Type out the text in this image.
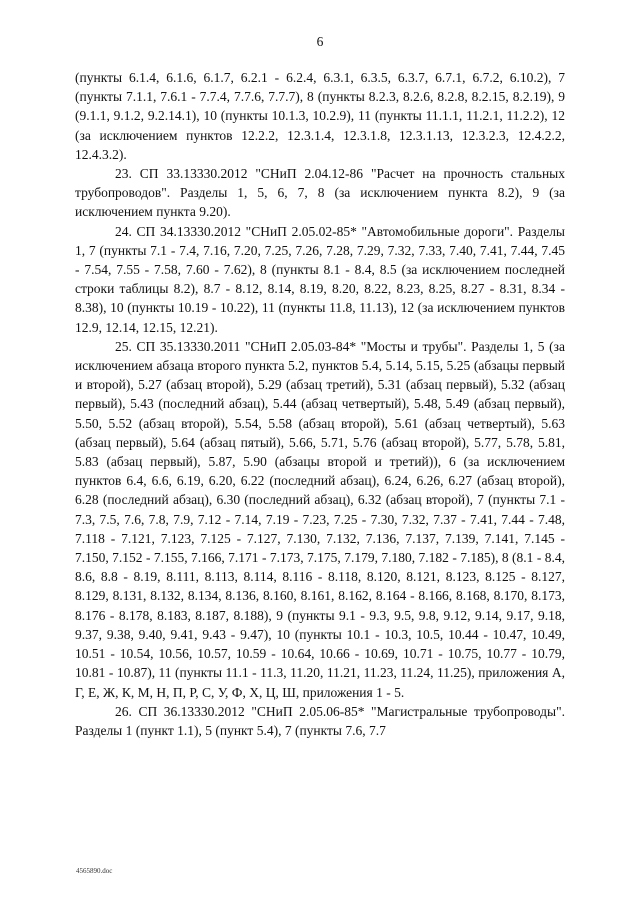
6

(пункты 6.1.4, 6.1.6, 6.1.7, 6.2.1 - 6.2.4, 6.3.1, 6.3.5, 6.3.7, 6.7.1, 6.7.2, 6.10.2), 7 (пункты 7.1.1, 7.6.1 - 7.7.4, 7.7.6, 7.7.7), 8 (пункты 8.2.3, 8.2.6, 8.2.8, 8.2.15, 8.2.19), 9 (9.1.1, 9.1.2, 9.2.14.1), 10 (пункты 10.1.3, 10.2.9), 11 (пункты 11.1.1, 11.2.1, 11.2.2), 12 (за исключением пунктов 12.2.2, 12.3.1.4, 12.3.1.8, 12.3.1.13, 12.3.2.3, 12.4.2.2, 12.4.3.2).

23. СП 33.13330.2012 "СНиП 2.04.12-86 "Расчет на прочность стальных трубопроводов". Разделы 1, 5, 6, 7, 8 (за исключением пункта 8.2), 9 (за исключением пункта 9.20).

24. СП 34.13330.2012 "СНиП 2.05.02-85* "Автомобильные дороги". Разделы 1, 7 (пункты 7.1 - 7.4, 7.16, 7.20, 7.25, 7.26, 7.28, 7.29, 7.32, 7.33, 7.40, 7.41, 7.44, 7.45 - 7.54, 7.55 - 7.58, 7.60 - 7.62), 8 (пункты 8.1 - 8.4, 8.5 (за исключением последней строки таблицы 8.2), 8.7 - 8.12, 8.14, 8.19, 8.20, 8.22, 8.23, 8.25, 8.27 - 8.31, 8.34 - 8.38), 10 (пункты 10.19 - 10.22), 11 (пункты 11.8, 11.13), 12 (за исключением пунктов 12.9, 12.14, 12.15, 12.21).

25. СП 35.13330.2011 "СНиП 2.05.03-84* "Мосты и трубы". Разделы 1, 5 (за исключением абзаца второго пункта 5.2, пунктов 5.4, 5.14, 5.15, 5.25 (абзацы первый и второй), 5.27 (абзац второй), 5.29 (абзац третий), 5.31 (абзац первый), 5.32 (абзац первый), 5.43 (последний абзац), 5.44 (абзац четвертый), 5.48, 5.49 (абзац первый), 5.50, 5.52 (абзац второй), 5.54, 5.58 (абзац второй), 5.61 (абзац четвертый), 5.63 (абзац первый), 5.64 (абзац пятый), 5.66, 5.71, 5.76 (абзац второй), 5.77, 5.78, 5.81, 5.83 (абзац первый), 5.87, 5.90 (абзацы второй и третий)), 6 (за исключением пунктов 6.4, 6.6, 6.19, 6.20, 6.22 (последний абзац), 6.24, 6.26, 6.27 (абзац второй), 6.28 (последний абзац), 6.30 (последний абзац), 6.32 (абзац второй), 7 (пункты 7.1 - 7.3, 7.5, 7.6, 7.8, 7.9, 7.12 - 7.14, 7.19 - 7.23, 7.25 - 7.30, 7.32, 7.37 - 7.41, 7.44 - 7.48, 7.118 - 7.121, 7.123, 7.125 - 7.127, 7.130, 7.132, 7.136, 7.137, 7.139, 7.141, 7.145 - 7.150, 7.152 - 7.155, 7.166, 7.171 - 7.173, 7.175, 7.179, 7.180, 7.182 - 7.185), 8 (8.1 - 8.4, 8.6, 8.8 - 8.19, 8.111, 8.113, 8.114, 8.116 - 8.118, 8.120, 8.121, 8.123, 8.125 - 8.127, 8.129, 8.131, 8.132, 8.134, 8.136, 8.160, 8.161, 8.162, 8.164 - 8.166, 8.168, 8.170, 8.173, 8.176 - 8.178, 8.183, 8.187, 8.188), 9 (пункты 9.1 - 9.3, 9.5, 9.8, 9.12, 9.14, 9.17, 9.18, 9.37, 9.38, 9.40, 9.41, 9.43 - 9.47), 10 (пункты 10.1 - 10.3, 10.5, 10.44 - 10.47, 10.49, 10.51 - 10.54, 10.56, 10.57, 10.59 - 10.64, 10.66 - 10.69, 10.71 - 10.75, 10.77 - 10.79, 10.81 - 10.87), 11 (пункты 11.1 - 11.3, 11.20, 11.21, 11.23, 11.24, 11.25), приложения А, Г, Е, Ж, К, М, Н, П, Р, С, У, Ф, Х, Ц, Ш, приложения 1 - 5.

26. СП 36.13330.2012 "СНиП 2.05.06-85* "Магистральные трубопроводы". Разделы 1 (пункт 1.1), 5 (пункт 5.4), 7 (пункты 7.6, 7.7

4565890.doc
